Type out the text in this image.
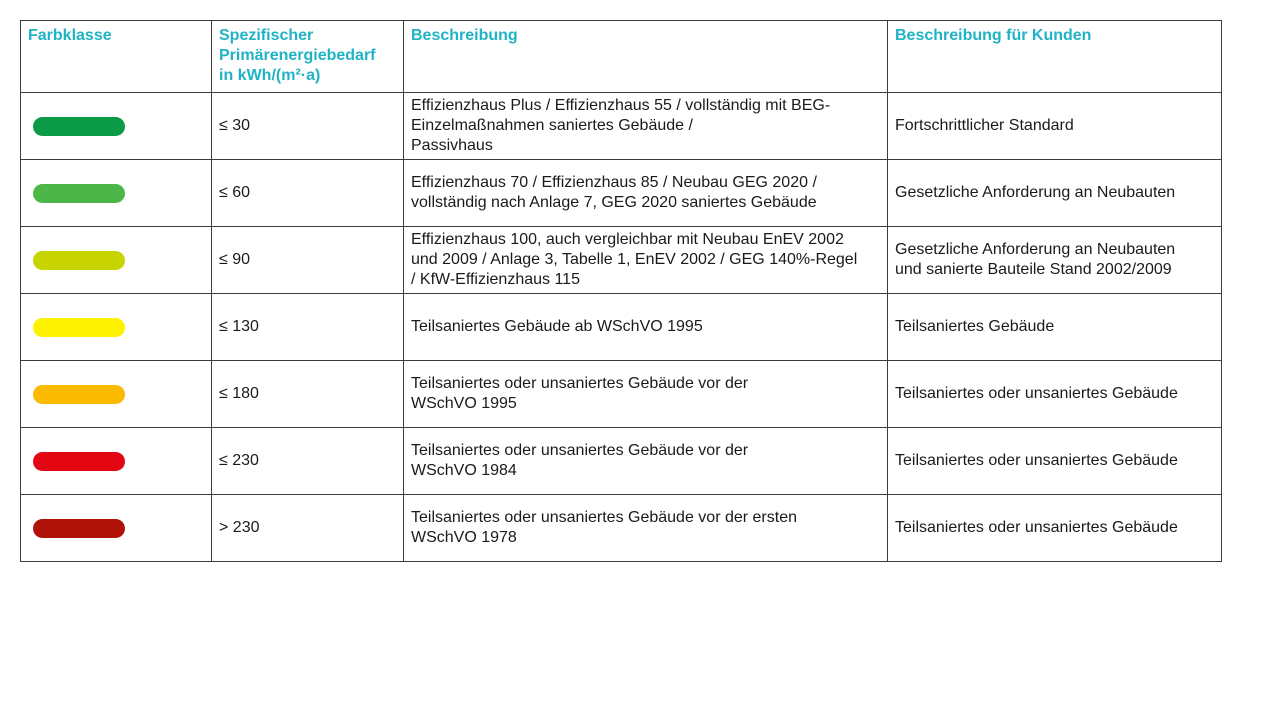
Farbklasse	Spezifischer
Primärenergiebedarf
in kWh/(m²·a)	Beschreibung	Beschreibung für Kunden

	≤ 30	Effizienzhaus Plus / Effizienzhaus 55 / vollständig mit BEG-
Einzelmaßnahmen saniertes Gebäude /
Passivhaus	Fortschrittlicher Standard

	≤ 60	Effizienzhaus 70 / Effizienzhaus 85 / Neubau GEG 2020 /
vollständig nach Anlage 7, GEG 2020 saniertes Gebäude	Gesetzliche Anforderung an Neubauten

	≤ 90	Effizienzhaus 100, auch vergleichbar mit Neubau EnEV 2002
und 2009 / Anlage 3, Tabelle 1, EnEV 2002 / GEG 140%-Regel
/ KfW-Effizienzhaus 115	Gesetzliche Anforderung an Neubauten
und sanierte Bauteile Stand 2002/2009

	≤ 130	Teilsaniertes Gebäude ab WSchVO 1995	Teilsaniertes Gebäude

	≤ 180	Teilsaniertes oder unsaniertes Gebäude vor der
WSchVO 1995	Teilsaniertes oder unsaniertes Gebäude

	≤ 230	Teilsaniertes oder unsaniertes Gebäude vor der
WSchVO 1984	Teilsaniertes oder unsaniertes Gebäude

	> 230	Teilsaniertes oder unsaniertes Gebäude vor der ersten
WSchVO 1978	Teilsaniertes oder unsaniertes Gebäude
